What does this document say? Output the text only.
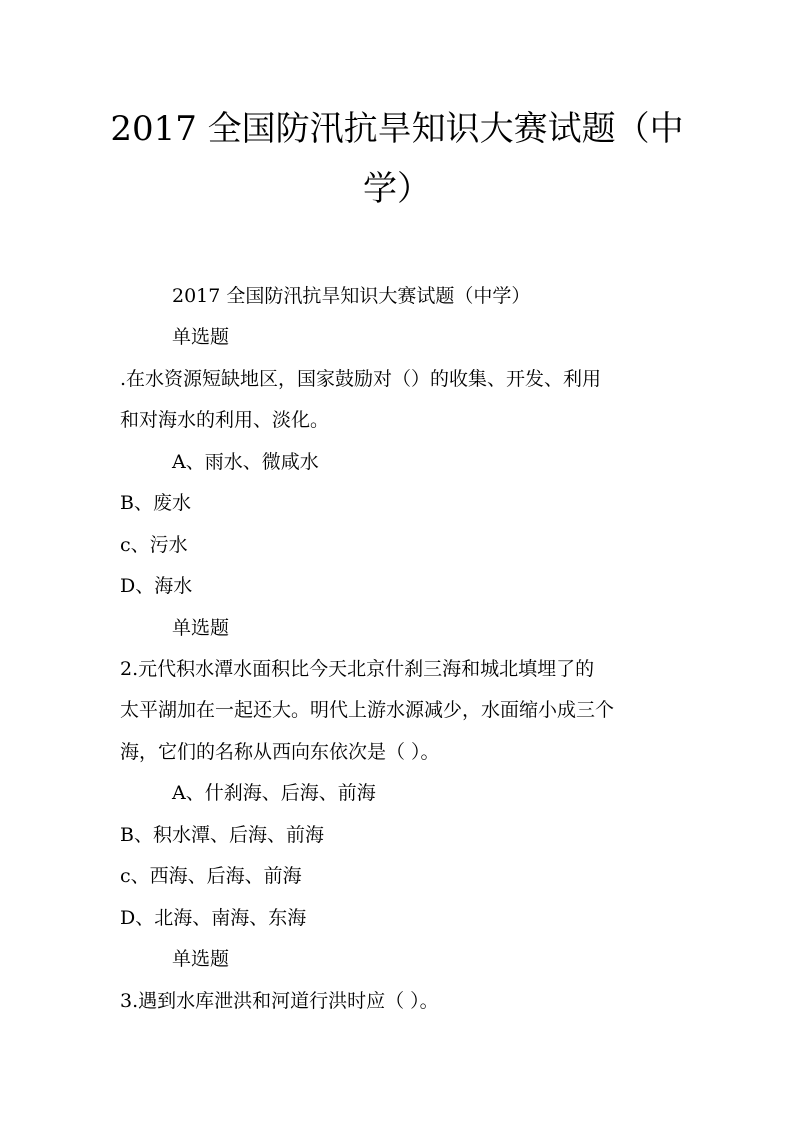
2017 全国防汛抗旱知识大赛试题（中
学）
2017 全国防汛抗旱知识大赛试题（中学）
单选题
.在水资源短缺地区，国家鼓励对（）的收集、开发、利用
和对海水的利用、淡化。
A、雨水、微咸水
B、废水
c、污水
D、海水
单选题
2.元代积水潭水面积比今天北京什刹三海和城北填埋了的
太平湖加在一起还大。明代上游水源减少，水面缩小成三个
海，它们的名称从西向东依次是（ ）。
A、什刹海、后海、前海
B、积水潭、后海、前海
c、西海、后海、前海
D、北海、南海、东海
单选题
3.遇到水库泄洪和河道行洪时应（ ）。
